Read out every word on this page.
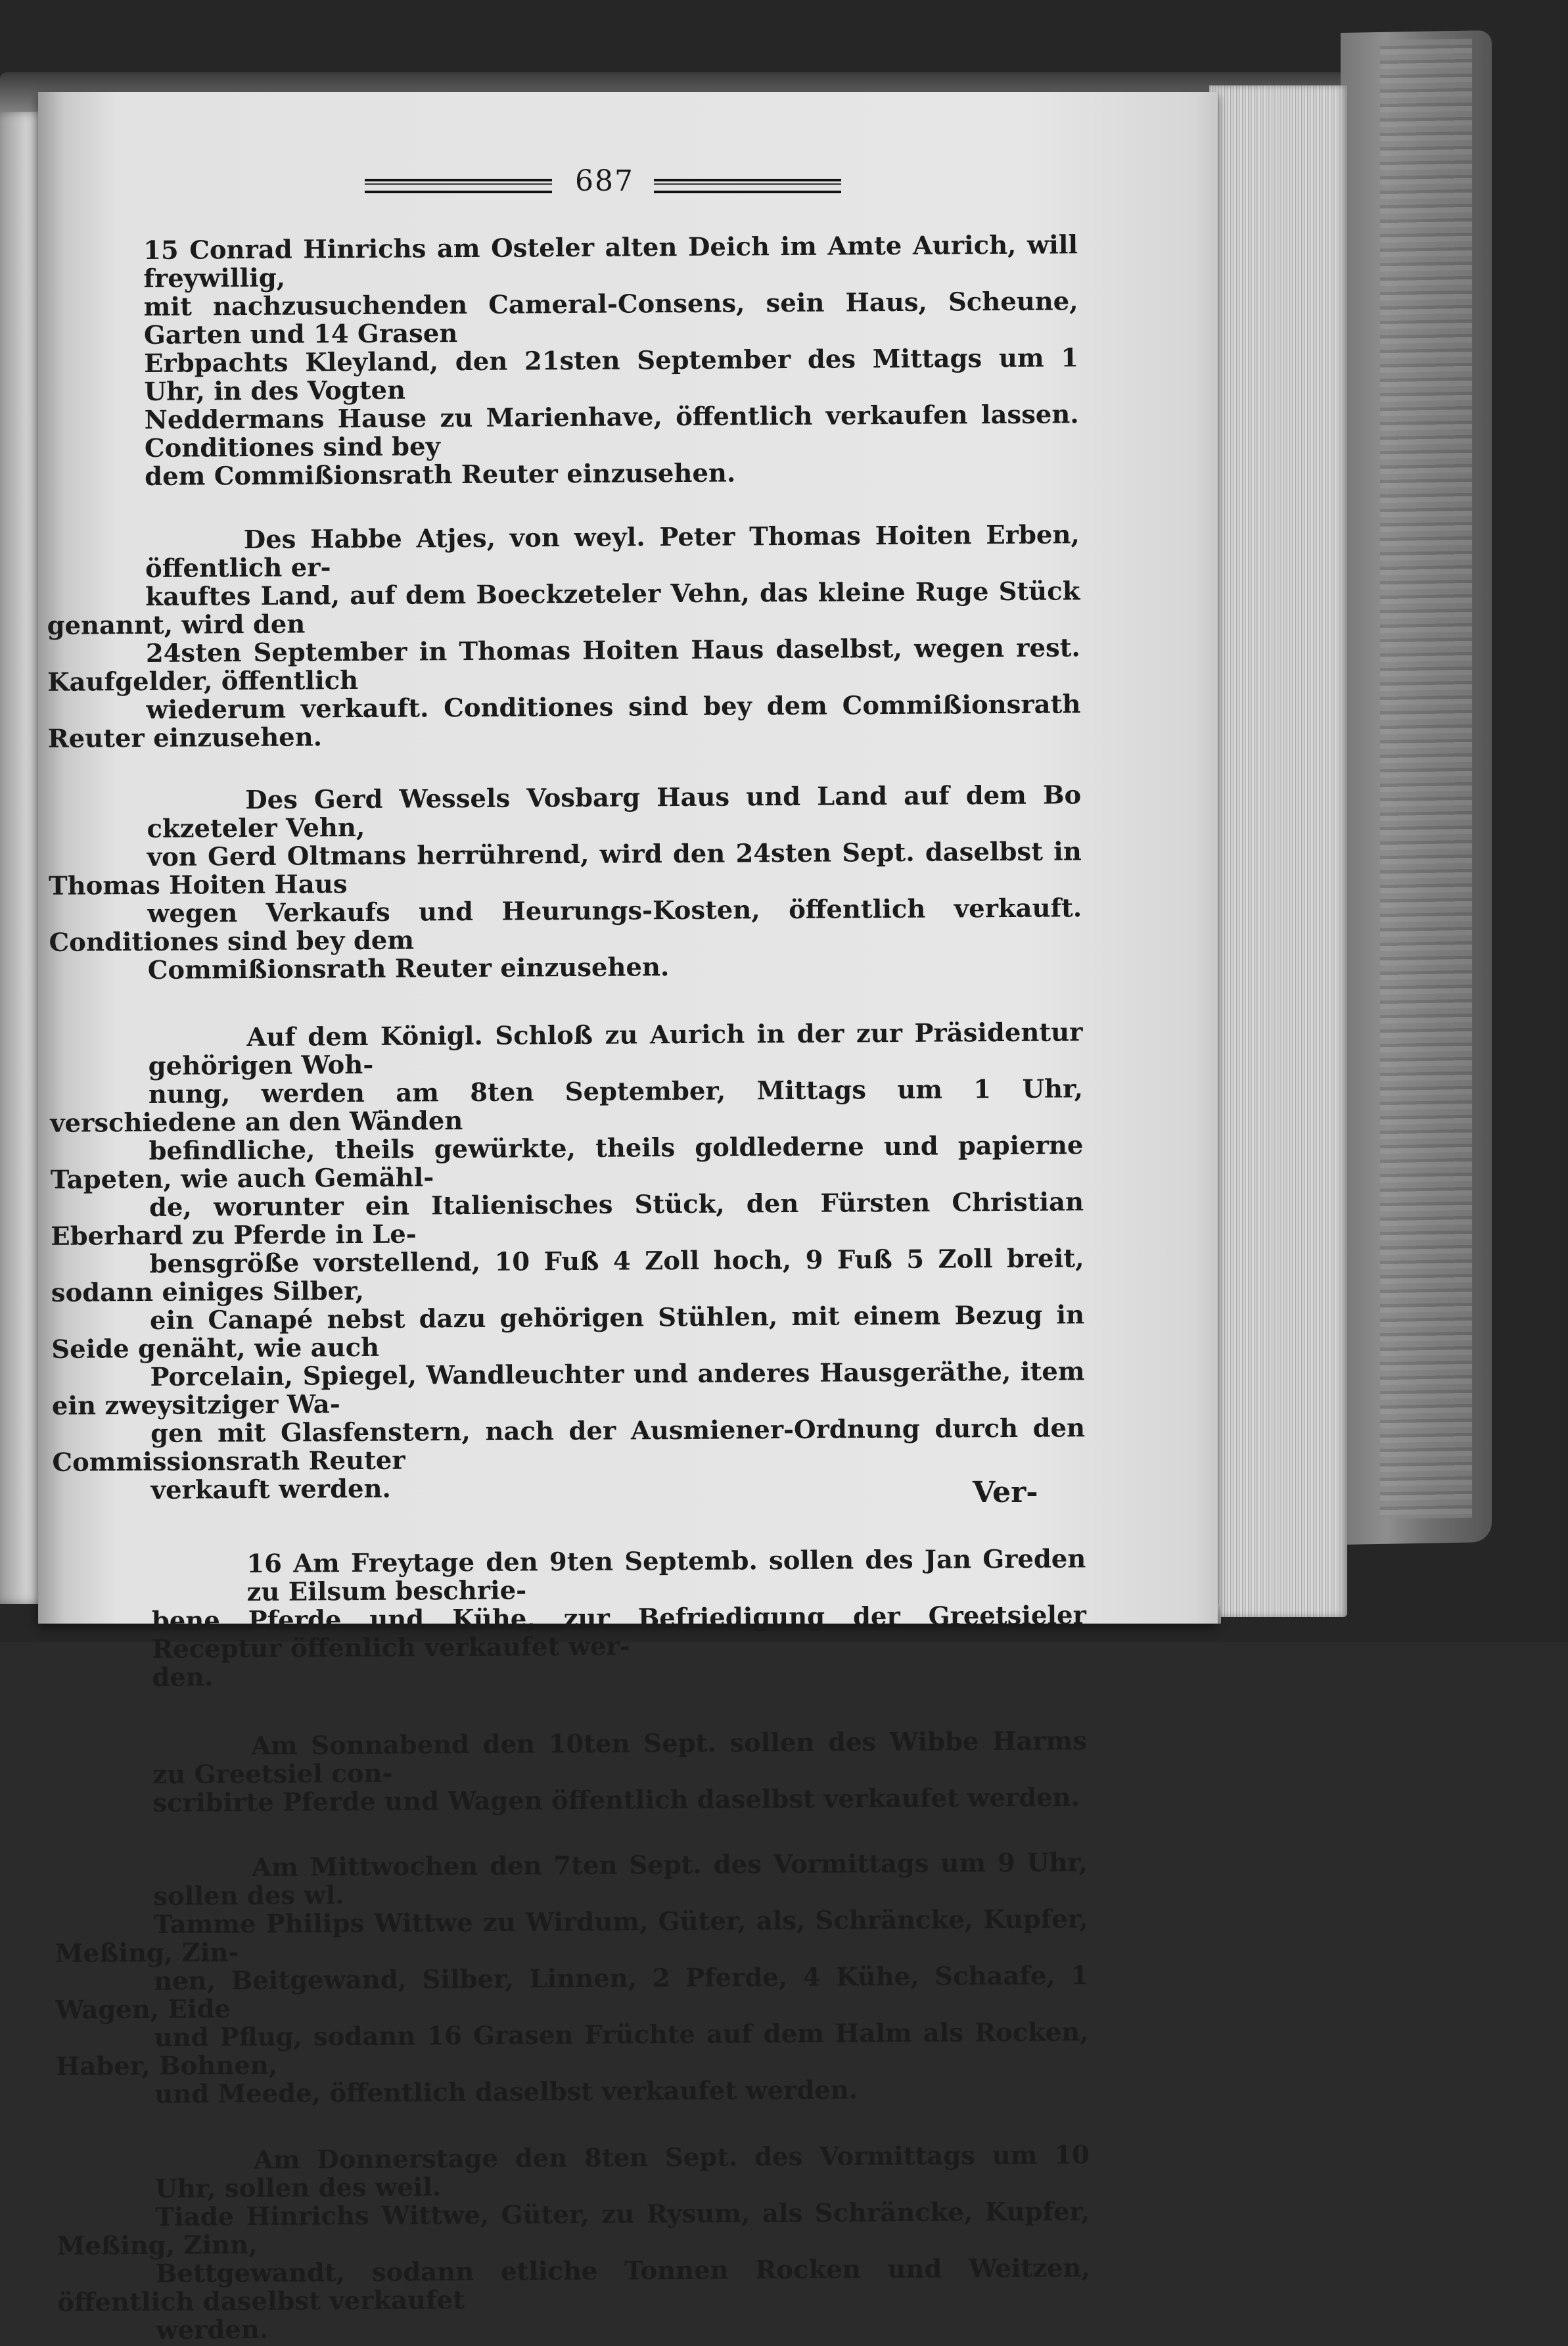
687

15 Conrad Hinrichs am Osteler alten Deich im Amte Aurich, will freywillig,
mit nachzusuchenden Cameral-Consens, sein Haus, Scheune, Garten und 14 Grasen
Erbpachts Kleyland, den 21sten September des Mittags um 1 Uhr, in des Vogten
Neddermans Hause zu Marienhave, öffentlich verkaufen lassen. Conditiones sind bey
dem Commißionsrath Reuter einzusehen.

Des Habbe Atjes, von weyl. Peter Thomas Hoiten Erben, öffentlich er-
kauftes Land, auf dem Boeckzeteler Vehn, das kleine Ruge Stück genannt, wird den
24sten September in Thomas Hoiten Haus daselbst, wegen rest. Kaufgelder, öffentlich
wiederum verkauft. Conditiones sind bey dem Commißionsrath Reuter einzusehen.

Des Gerd Wessels Vosbarg Haus und Land auf dem Bo ckzeteler Vehn,
von Gerd Oltmans herrührend, wird den 24sten Sept. daselbst in Thomas Hoiten Haus
wegen Verkaufs und Heurungs-Kosten, öffentlich verkauft. Conditiones sind bey dem
Commißionsrath Reuter einzusehen.

Auf dem Königl. Schloß zu Aurich in der zur Präsidentur gehörigen Woh-
nung, werden am 8ten September, Mittags um 1 Uhr, verschiedene an den Wänden
befindliche, theils gewürkte, theils goldlederne und papierne Tapeten, wie auch Gemähl-
de, worunter ein Italienisches Stück, den Fürsten Christian Eberhard zu Pferde in Le-
bensgröße vorstellend, 10 Fuß 4 Zoll hoch, 9 Fuß 5 Zoll breit, sodann einiges Silber,
ein Canapé nebst dazu gehörigen Stühlen, mit einem Bezug in Seide genäht, wie auch
Porcelain, Spiegel, Wandleuchter und anderes Hausgeräthe, item ein zweysitziger Wa-
gen mit Glasfenstern, nach der Ausmiener-Ordnung durch den Commissionsrath Reuter
verkauft werden.

16 Am Freytage den 9ten Septemb. sollen des Jan Greden zu Eilsum beschrie-
bene Pferde und Kühe, zur Befriedigung der Greetsieler Receptur öffenlich verkaufet wer-
den.

Am Sonnabend den 10ten Sept. sollen des Wibbe Harms zu Greetsiel con-
scribirte Pferde und Wagen öffentlich daselbst verkaufet werden.

Am Mittwochen den 7ten Sept. des Vormittags um 9 Uhr, sollen des wl.
Tamme Philips Wittwe zu Wirdum, Güter, als, Schräncke, Kupfer, Meßing, Zin-
nen, Beitgewand, Silber, Linnen, 2 Pferde, 4 Kühe, Schaafe, 1 Wagen, Eide
und Pflug, sodann 16 Grasen Früchte auf dem Halm als Rocken, Haber, Bohnen,
und Meede, öffentlich daselbst verkaufet werden.

Am Donnerstage den 8ten Sept. des Vormittags um 10 Uhr, sollen des weil.
Tiade Hinrichs Wittwe, Güter, zu Rysum, als Schräncke, Kupfer, Meßing, Zinn,
Bettgewandt, sodann etliche Tonnen Rocken und Weitzen, öffentlich daselbst verkaufet
werden.

Ver-
